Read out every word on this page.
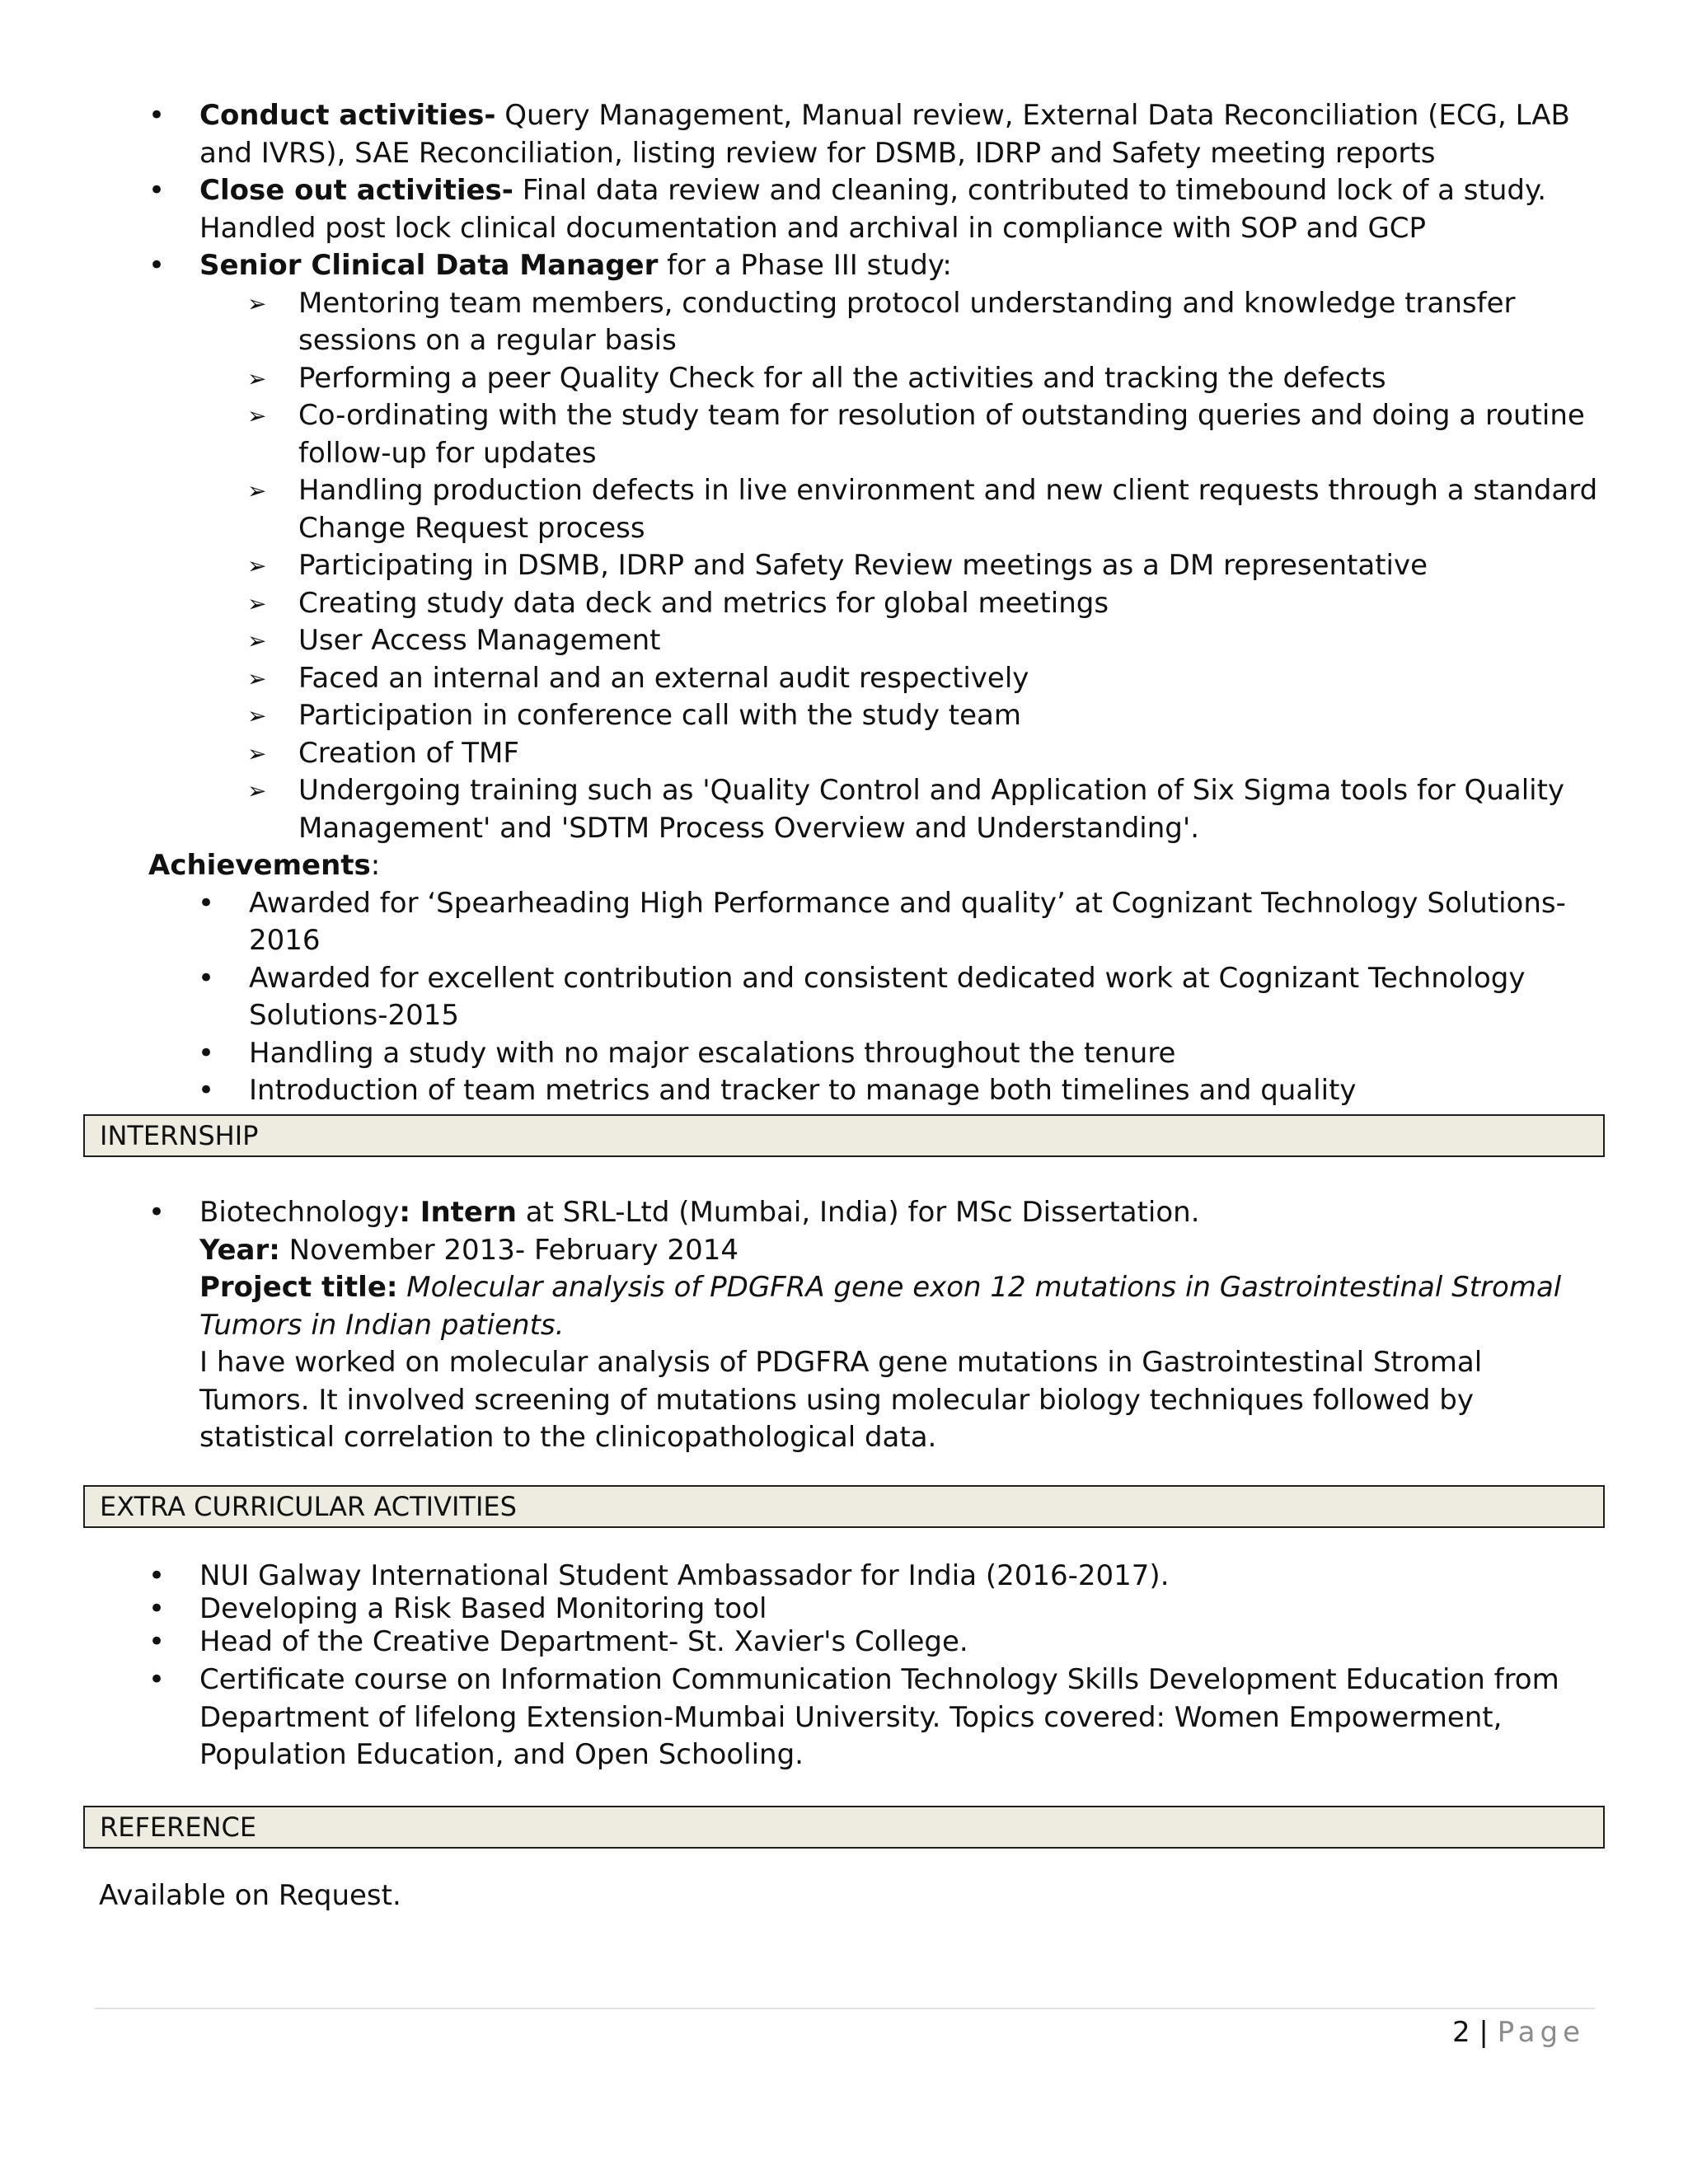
• Conduct activities- Query Management, Manual review, External Data Reconciliation (ECG, LAB and IVRS), SAE Reconciliation, listing review for DSMB, IDRP and Safety meeting reports
• Close out activities- Final data review and cleaning, contributed to timebound lock of a study. Handled post lock clinical documentation and archival in compliance with SOP and GCP
• Senior Clinical Data Manager for a Phase III study:
➢ Mentoring team members, conducting protocol understanding and knowledge transfer sessions on a regular basis
➢ Performing a peer Quality Check for all the activities and tracking the defects
➢ Co-ordinating with the study team for resolution of outstanding queries and doing a routine follow-up for updates
➢ Handling production defects in live environment and new client requests through a standard Change Request process
➢ Participating in DSMB, IDRP and Safety Review meetings as a DM representative
➢ Creating study data deck and metrics for global meetings
➢ User Access Management
➢ Faced an internal and an external audit respectively
➢ Participation in conference call with the study team
➢ Creation of TMF
➢ Undergoing training such as 'Quality Control and Application of Six Sigma tools for Quality Management' and 'SDTM Process Overview and Understanding'.
Achievements:
• Awarded for ‘Spearheading High Performance and quality’ at Cognizant Technology Solutions-2016
• Awarded for excellent contribution and consistent dedicated work at Cognizant Technology Solutions-2015
• Handling a study with no major escalations throughout the tenure
• Introduction of team metrics and tracker to manage both timelines and quality
INTERNSHIP
• Biotechnology: Intern at SRL-Ltd (Mumbai, India) for MSc Dissertation.
Year: November 2013- February 2014
Project title: Molecular analysis of PDGFRA gene exon 12 mutations in Gastrointestinal Stromal Tumors in Indian patients.
I have worked on molecular analysis of PDGFRA gene mutations in Gastrointestinal Stromal Tumors. It involved screening of mutations using molecular biology techniques followed by statistical correlation to the clinicopathological data.
EXTRA CURRICULAR ACTIVITIES
• NUI Galway International Student Ambassador for India (2016-2017).
• Developing a Risk Based Monitoring tool
• Head of the Creative Department- St. Xavier's College.
• Certificate course on Information Communication Technology Skills Development Education from Department of lifelong Extension-Mumbai University. Topics covered: Women Empowerment, Population Education, and Open Schooling.
REFERENCE
Available on Request.
2 | Page
